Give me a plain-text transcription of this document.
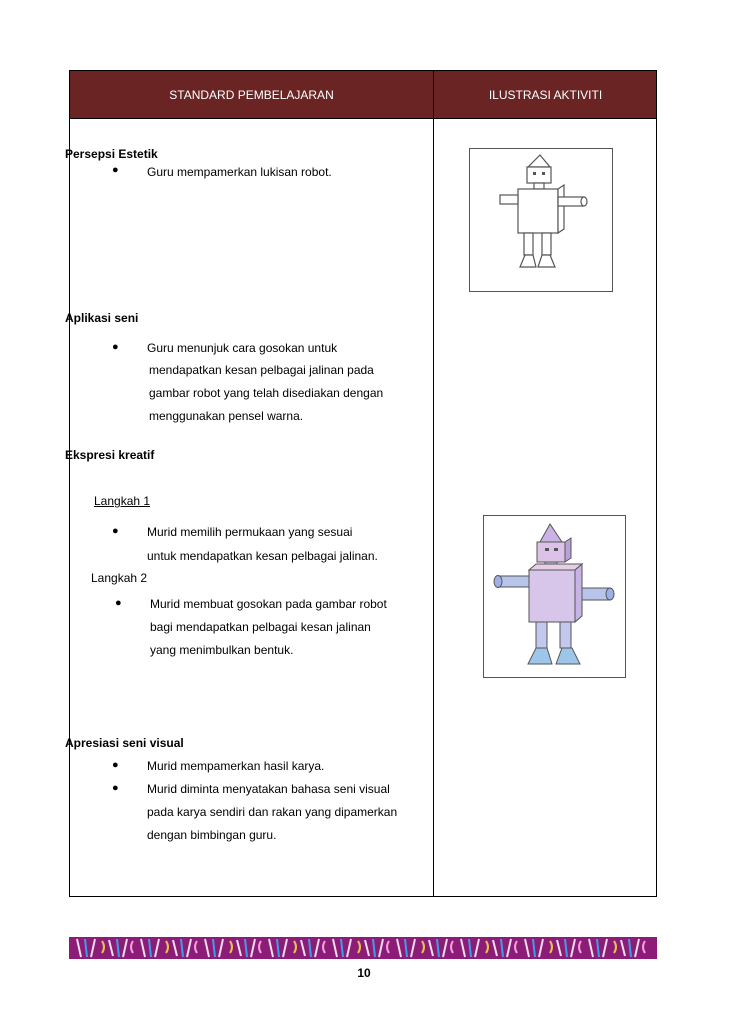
STANDARD PEMBELAJARAN	ILUSTRASI AKTIVITI
Persepsi Estetik
● Guru mempamerkan lukisan robot.
Aplikasi seni
● Guru menunjuk cara gosokan untuk
mendapatkan kesan pelbagai jalinan pada
gambar robot yang telah disediakan dengan
menggunakan pensel warna.
Ekspresi kreatif
Langkah 1
● Murid memilih permukaan yang sesuai
untuk mendapatkan kesan pelbagai jalinan.
Langkah 2
● Murid membuat gosokan pada gambar robot
bagi mendapatkan pelbagai kesan jalinan
yang menimbulkan bentuk.
Apresiasi seni visual
● Murid mempamerkan hasil karya.
● Murid diminta menyatakan bahasa seni visual
pada karya sendiri dan rakan yang dipamerkan
dengan bimbingan guru.
10
